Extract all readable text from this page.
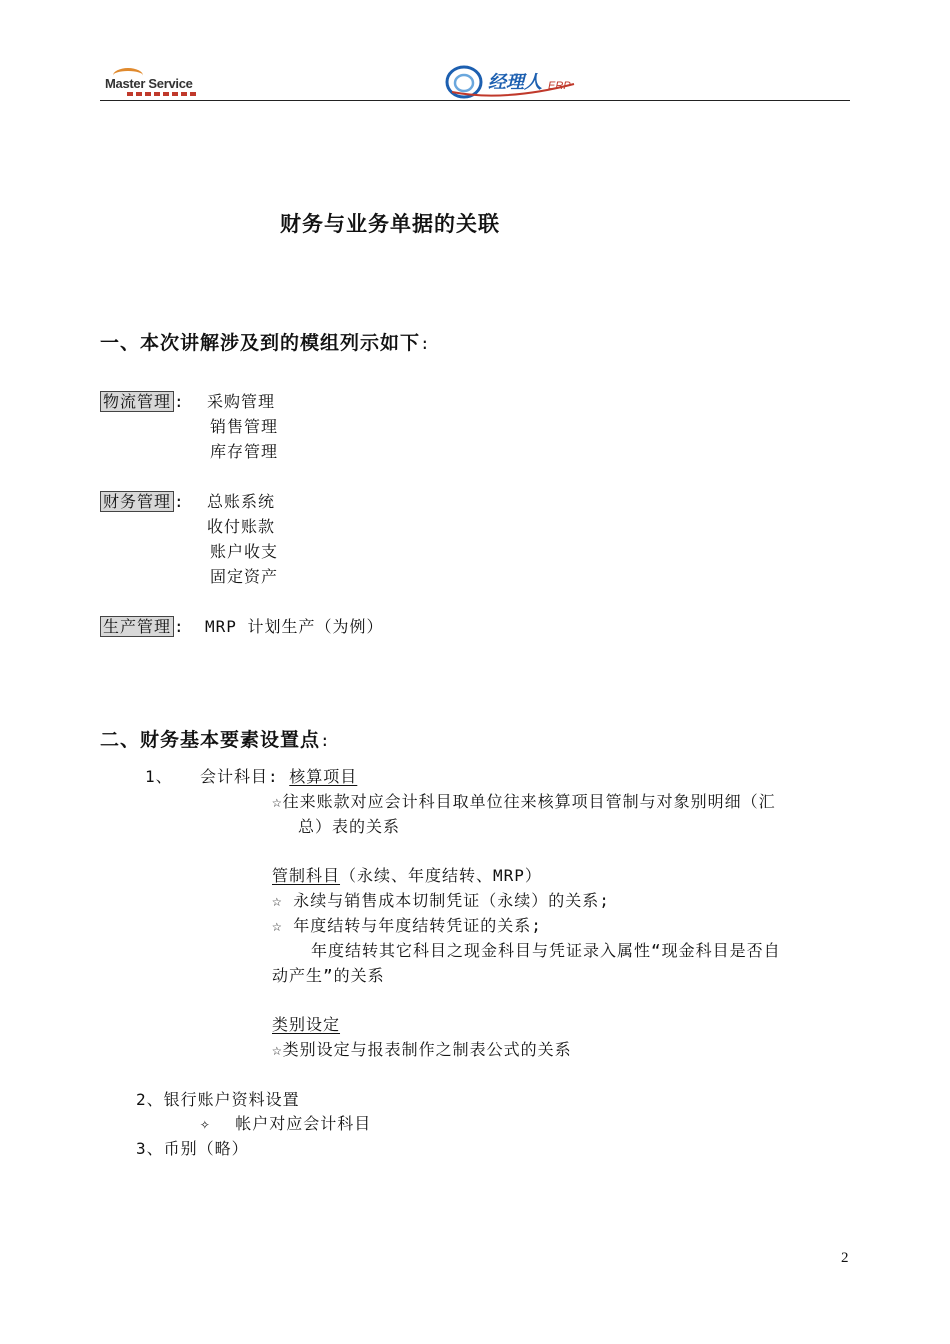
Master Service	经理人 ERP
财务与业务单据的关联
一、本次讲解涉及到的模组列示如下:
物流管理 : 采购管理
销售管理
库存管理
财务管理 : 总账系统
收付账款
账户收支
固定资产
生产管理 : MRP 计划生产（为例）
二、财务基本要素设置点:
1、 会计科目: 核算项目
☆往来账款对应会计科目取单位往来核算项目管制与对象别明细（汇
总）表的关系
管制科目（永续、年度结转、MRP）
☆ 永续与销售成本切制凭证（永续）的关系;
☆ 年度结转与年度结转凭证的关系;
年度结转其它科目之现金科目与凭证录入属性“现金科目是否自
动产生”的关系
类别设定
☆类别设定与报表制作之制表公式的关系
2、银行账户资料设置
✧ 帐户对应会计科目
3、币别（略）
2
